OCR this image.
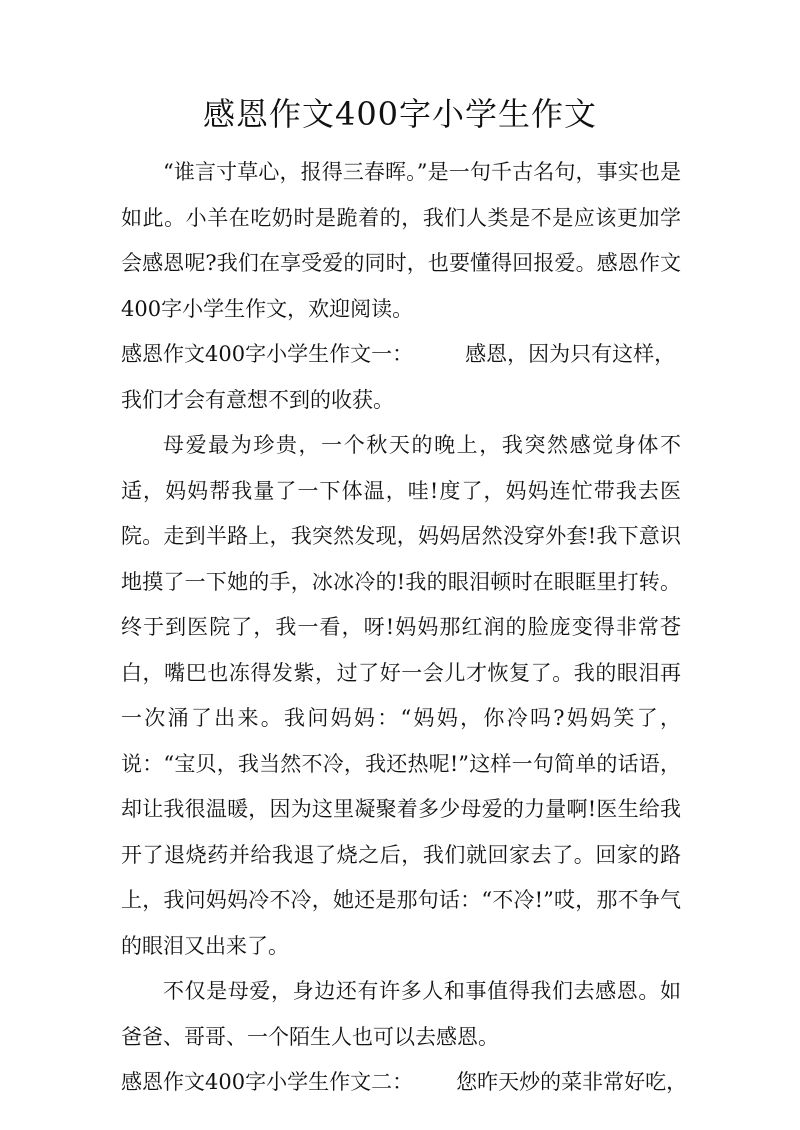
感恩作文400字小学生作文

“谁言寸草心，报得三春晖。”是一句千古名句，事实也是如此。小羊在吃奶时是跪着的，我们人类是不是应该更加学会感恩呢?我们在享受爱的同时，也要懂得回报爱。感恩作文400字小学生作文，欢迎阅读。

感恩作文400字小学生作文一： 感恩，因为只有这样，

我们才会有意想不到的收获。

母爱最为珍贵，一个秋天的晚上，我突然感觉身体不适，妈妈帮我量了一下体温，哇!度了，妈妈连忙带我去医院。走到半路上，我突然发现，妈妈居然没穿外套!我下意识地摸了一下她的手，冰冰冷的!我的眼泪顿时在眼眶里打转。终于到医院了，我一看，呀!妈妈那红润的脸庞变得非常苍白，嘴巴也冻得发紫，过了好一会儿才恢复了。我的眼泪再一次涌了出来。我问妈妈：“妈妈，你冷吗?妈妈笑了，说：“宝贝，我当然不冷，我还热呢!”这样一句简单的话语，却让我很温暖，因为这里凝聚着多少母爱的力量啊!医生给我开了退烧药并给我退了烧之后，我们就回家去了。回家的路上，我问妈妈冷不冷，她还是那句话：“不冷!”哎，那不争气的眼泪又出来了。

不仅是母爱，身边还有许多人和事值得我们去感恩。如爸爸、哥哥、一个陌生人也可以去感恩。

感恩作文400字小学生作文二： 您昨天炒的菜非常好吃，
